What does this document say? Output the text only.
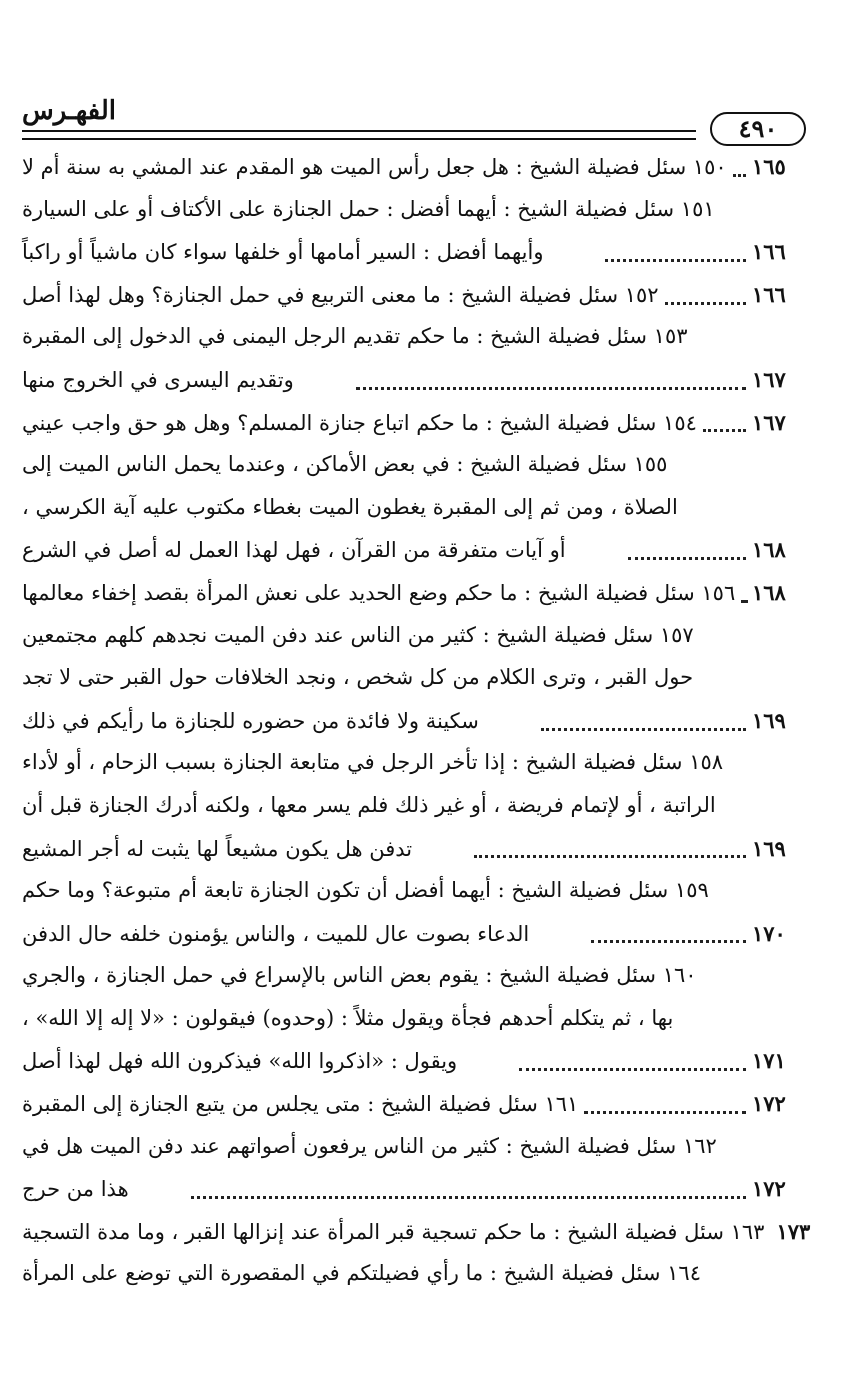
الفهـرس
٤٩٠
١٥٠ سئل فضيلة الشيخ : هل جعل رأس الميت هو المقدم عند المشي به سنة أم لا ١٦٥
١٥١ سئل فضيلة الشيخ : أيهما أفضل : حمل الجنازة على الأكتاف أو على السيارة
وأيهما أفضل : السير أمامها أو خلفها سواء كان ماشياً أو راكباً	١٦٦
١٥٢ سئل فضيلة الشيخ : ما معنى التربيع في حمل الجنازة؟ وهل لهذا أصل	١٦٦
١٥٣ سئل فضيلة الشيخ : ما حكم تقديم الرجل اليمنى في الدخول إلى المقبرة
وتقديم اليسرى في الخروج منها	١٦٧
١٥٤ سئل فضيلة الشيخ : ما حكم اتباع جنازة المسلم؟ وهل هو حق واجب عيني	١٦٧
١٥٥ سئل فضيلة الشيخ : في بعض الأماكن ، وعندما يحمل الناس الميت إلى
الصلاة ، ومن ثم إلى المقبرة يغطون الميت بغطاء مكتوب عليه آية الكرسي ،
أو آيات متفرقة من القرآن ، فهل لهذا العمل له أصل في الشرع	١٦٨
١٥٦ سئل فضيلة الشيخ : ما حكم وضع الحديد على نعش المرأة بقصد إخفاء معالمها ١٦٨
١٥٧ سئل فضيلة الشيخ : كثير من الناس عند دفن الميت نجدهم كلهم مجتمعين
حول القبر ، وترى الكلام من كل شخص ، ونجد الخلافات حول القبر حتى لا تجد
سكينة ولا فائدة من حضوره للجنازة ما رأيكم في ذلك	١٦٩
١٥٨ سئل فضيلة الشيخ : إذا تأخر الرجل في متابعة الجنازة بسبب الزحام ، أو لأداء
الراتبة ، أو لإتمام فريضة ، أو غير ذلك فلم يسر معها ، ولكنه أدرك الجنازة قبل أن
تدفن هل يكون مشيعاً لها يثبت له أجر المشيع	١٦٩
١٥٩ سئل فضيلة الشيخ : أيهما أفضل أن تكون الجنازة تابعة أم متبوعة؟ وما حكم
الدعاء بصوت عال للميت ، والناس يؤمنون خلفه حال الدفن	١٧٠
١٦٠ سئل فضيلة الشيخ : يقوم بعض الناس بالإسراع في حمل الجنازة ، والجري
بها ، ثم يتكلم أحدهم فجأة ويقول مثلاً : (وحدوه) فيقولون : «لا إله إلا الله» ،
ويقول : «اذكروا الله» فيذكرون الله فهل لهذا أصل	١٧١
١٦١ سئل فضيلة الشيخ : متى يجلس من يتبع الجنازة إلى المقبرة	١٧٢
١٦٢ سئل فضيلة الشيخ : كثير من الناس يرفعون أصواتهم عند دفن الميت هل في
هذا من حرج	١٧٢
١٦٣ سئل فضيلة الشيخ : ما حكم تسجية قبر المرأة عند إنزالها القبر ، وما مدة التسجية ١٧٣
١٦٤ سئل فضيلة الشيخ : ما رأي فضيلتكم في المقصورة التي توضع على المرأة
